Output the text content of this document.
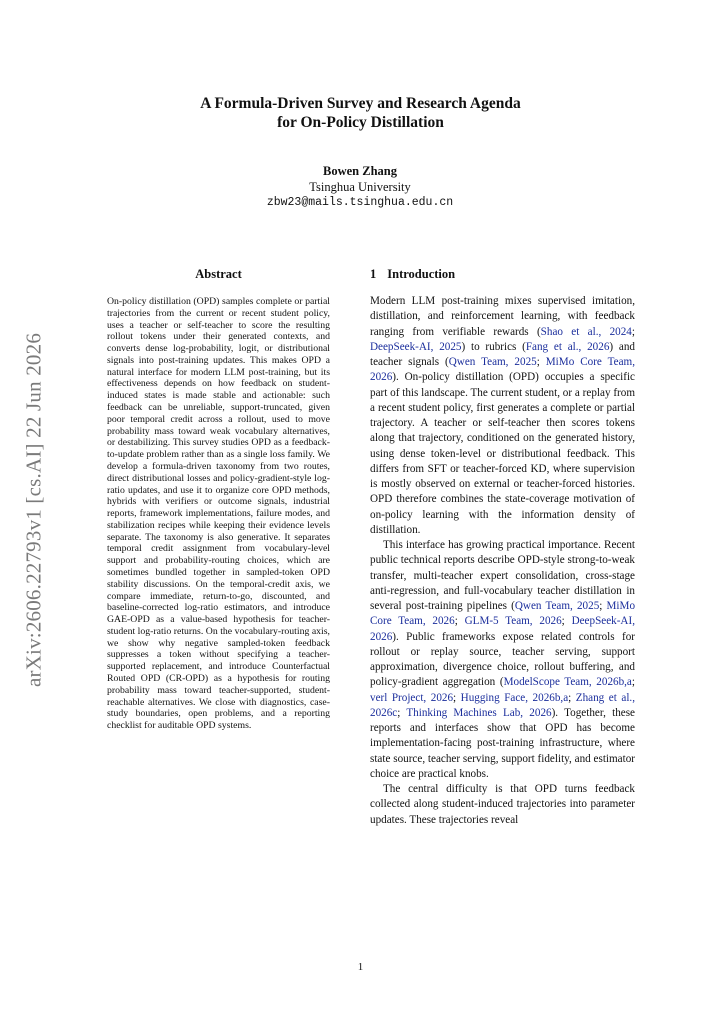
arXiv:2606.22793v1 [cs.AI] 22 Jun 2026
A Formula-Driven Survey and Research Agenda
for On-Policy Distillation
Bowen Zhang
Tsinghua University
zbw23@mails.tsinghua.edu.cn
Abstract
On-policy distillation (OPD) samples complete or partial trajectories from the current or recent student policy, uses a teacher or self-teacher to score the resulting rollout tokens under their generated contexts, and converts dense log-probability, logit, or distributional signals into post-training updates. This makes OPD a natural interface for modern LLM post-training, but its effectiveness depends on how feedback on student-induced states is made stable and actionable: such feedback can be unreliable, support-truncated, given poor temporal credit across a rollout, used to move probability mass toward weak vocabulary alternatives, or destabilizing. This survey studies OPD as a feedback-to-update problem rather than as a single loss family. We develop a formula-driven taxonomy from two routes, direct distributional losses and policy-gradient-style log-ratio updates, and use it to organize core OPD methods, hybrids with verifiers or outcome signals, industrial reports, framework implementations, failure modes, and stabilization recipes while keeping their evidence levels separate. The taxonomy is also generative. It separates temporal credit assignment from vocabulary-level support and probability-routing choices, which are sometimes bundled together in sampled-token OPD stability discussions. On the temporal-credit axis, we compare immediate, return-to-go, discounted, and baseline-corrected log-ratio estimators, and introduce GAE-OPD as a value-based hypothesis for teacher-student log-ratio returns. On the vocabulary-routing axis, we show why negative sampled-token feedback suppresses a token without specifying a teacher-supported replacement, and introduce Counterfactual Routed OPD (CR-OPD) as a hypothesis for routing probability mass toward teacher-supported, student-reachable alternatives. We close with diagnostics, case-study boundaries, open problems, and a reporting checklist for auditable OPD systems.
1 Introduction

Modern LLM post-training mixes supervised imitation, distillation, and reinforcement learning, with feedback ranging from verifiable rewards (Shao et al., 2024; DeepSeek-AI, 2025) to rubrics (Fang et al., 2026) and teacher signals (Qwen Team, 2025; MiMo Core Team, 2026). On-policy distillation (OPD) occupies a specific part of this landscape. The current student, or a replay from a recent student policy, first generates a complete or partial trajectory. A teacher or self-teacher then scores tokens along that trajectory, conditioned on the generated history, using dense token-level or distributional feedback. This differs from SFT or teacher-forced KD, where supervision is mostly observed on external or teacher-forced histories. OPD therefore combines the state-coverage motivation of on-policy learning with the information density of distillation.

This interface has growing practical importance. Recent public technical reports describe OPD-style strong-to-weak transfer, multi-teacher expert consolidation, cross-stage anti-regression, and full-vocabulary teacher distillation in several post-training pipelines (Qwen Team, 2025; MiMo Core Team, 2026; GLM-5 Team, 2026; DeepSeek-AI, 2026). Public frameworks expose related controls for rollout or replay source, teacher serving, support approximation, divergence choice, rollout buffering, and policy-gradient aggregation (ModelScope Team, 2026b,a; verl Project, 2026; Hugging Face, 2026b,a; Zhang et al., 2026c; Thinking Machines Lab, 2026). Together, these reports and interfaces show that OPD has become implementation-facing post-training infrastructure, where state source, teacher serving, support fidelity, and estimator choice are practical knobs.

The central difficulty is that OPD turns feedback collected along student-induced trajectories into parameter updates. These trajectories reveal

1
